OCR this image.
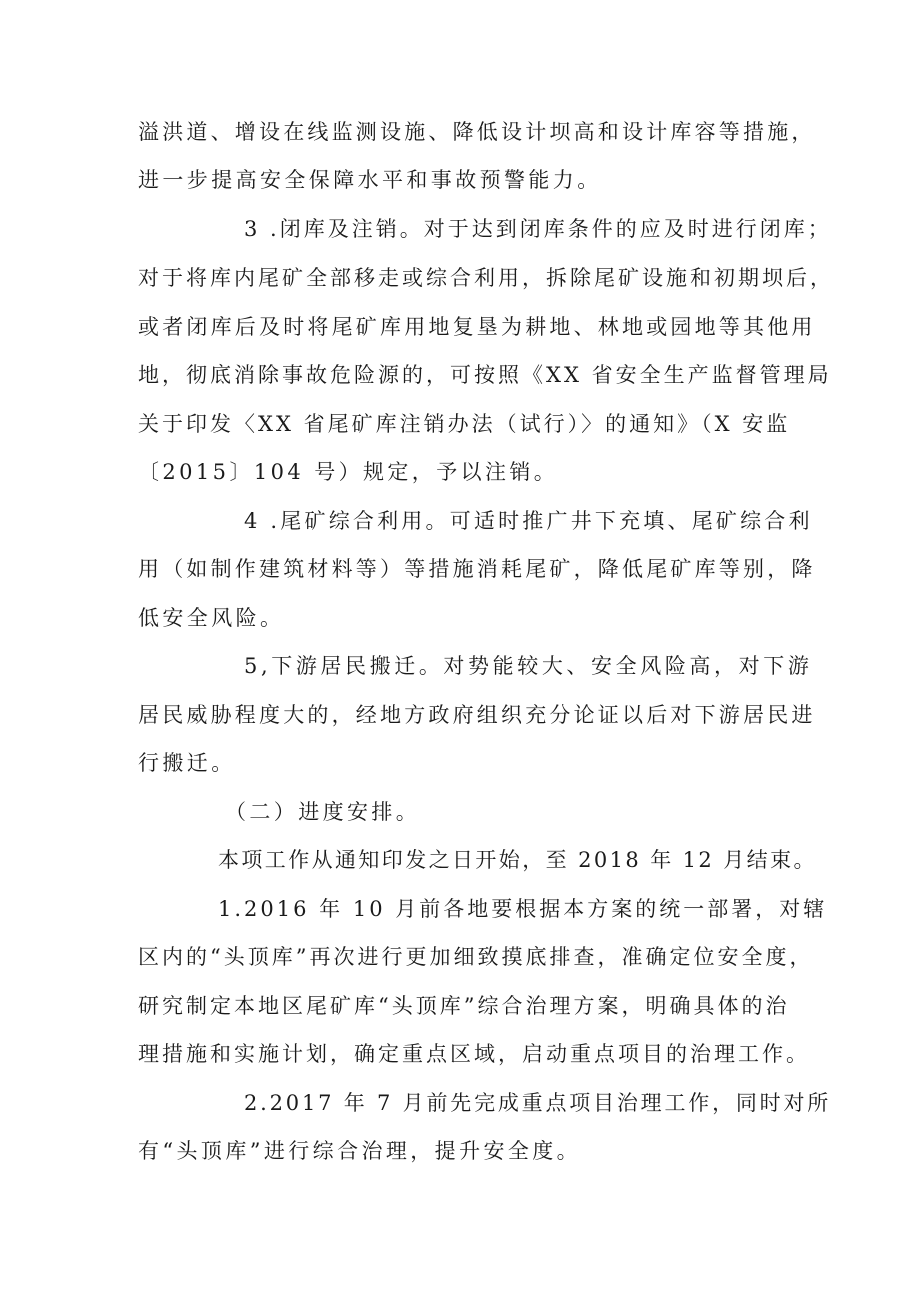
溢洪道、增设在线监测设施、降低设计坝高和设计库容等措施，
进一步提高安全保障水平和事故预警能力。
3 .闭库及注销。对于达到闭库条件的应及时进行闭库；
对于将库内尾矿全部移走或综合利用，拆除尾矿设施和初期坝后，
或者闭库后及时将尾矿库用地复垦为耕地、林地或园地等其他用
地，彻底消除事故危险源的，可按照《XX 省安全生产监督管理局
关于印发〈XX 省尾矿库注销办法（试行）〉的通知》（X 安监
〔2015〕104 号）规定，予以注销。
4 .尾矿综合利用。可适时推广井下充填、尾矿综合利
用（如制作建筑材料等）等措施消耗尾矿，降低尾矿库等别，降
低安全风险。
5,下游居民搬迁。对势能较大、安全风险高，对下游
居民威胁程度大的，经地方政府组织充分论证以后对下游居民进
行搬迁。
（二）进度安排。
本项工作从通知印发之日开始，至 2018 年 12 月结束。
1.2016 年 10 月前各地要根据本方案的统一部署，对辖
区内的“头顶库”再次进行更加细致摸底排查，准确定位安全度，
研究制定本地区尾矿库“头顶库”综合治理方案，明确具体的治
理措施和实施计划，确定重点区域，启动重点项目的治理工作。
2.2017 年 7 月前先完成重点项目治理工作，同时对所
有“头顶库”进行综合治理，提升安全度。
